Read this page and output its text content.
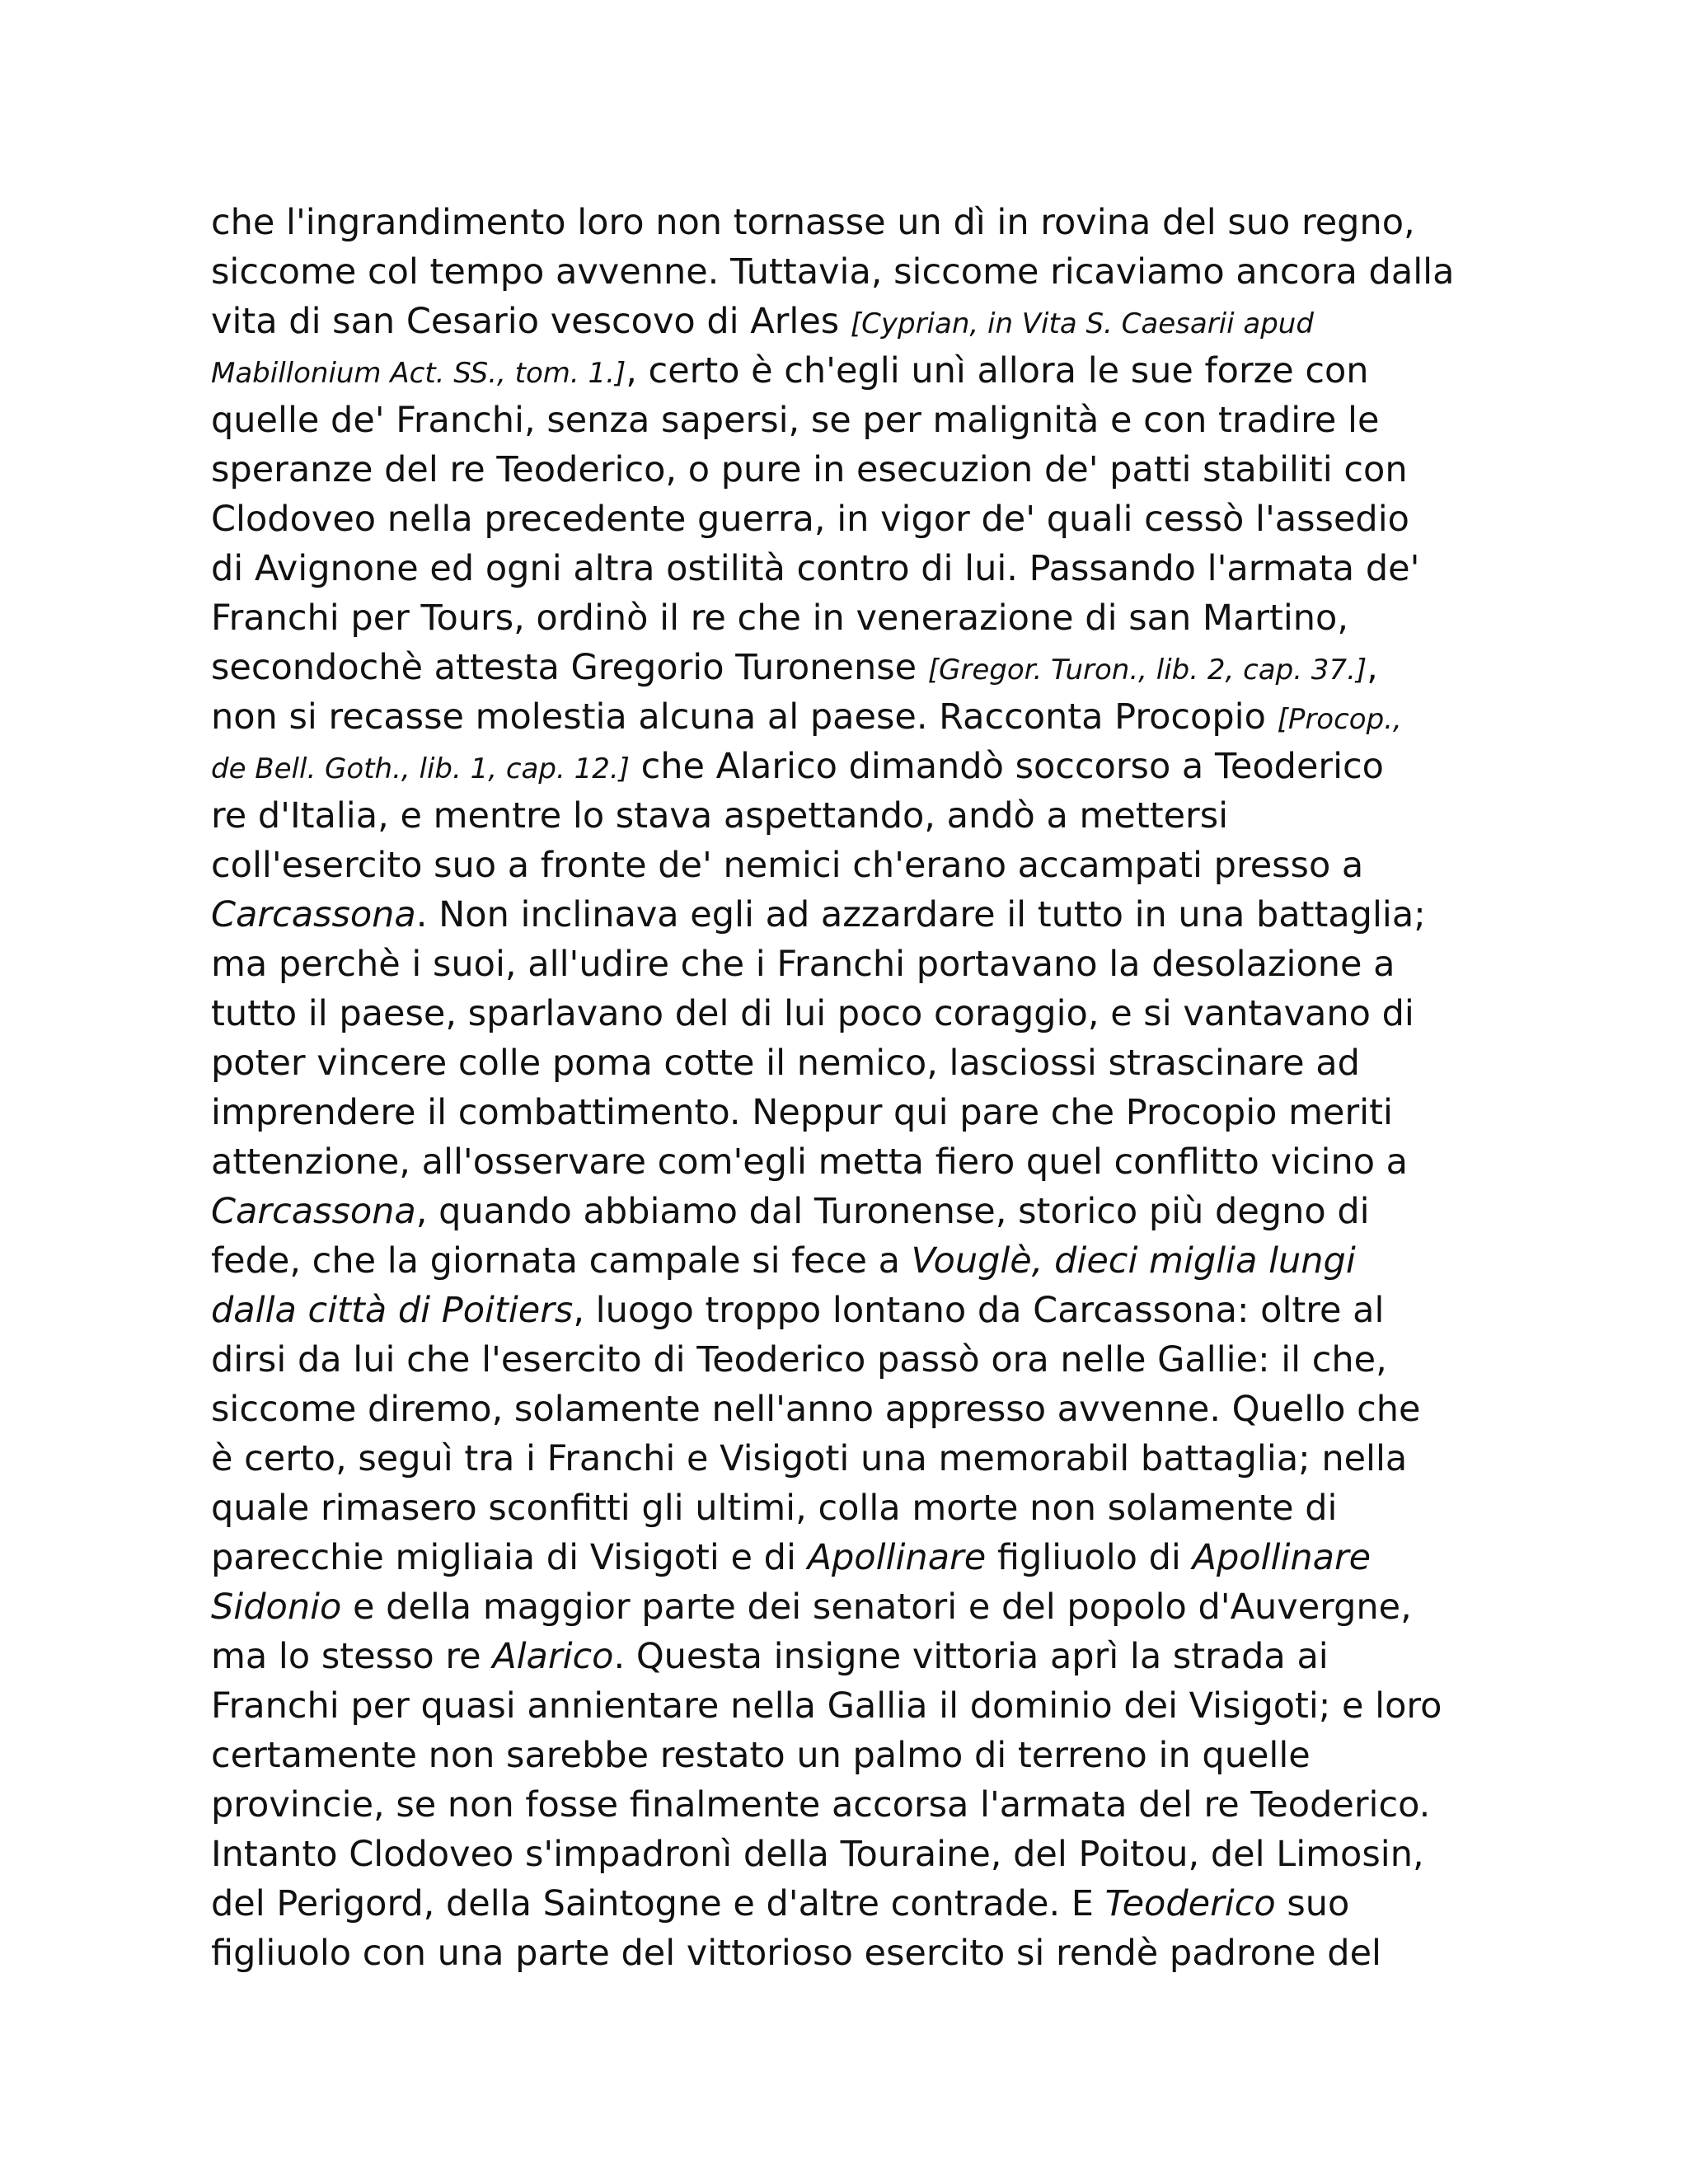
che l'ingrandimento loro non tornasse un dì in rovina del suo regno,
siccome col tempo avvenne. Tuttavia, siccome ricaviamo ancora dalla
vita di san Cesario vescovo di Arles [Cyprian, in Vita S. Caesarii apud
Mabillonium Act. SS., tom. 1.], certo è ch'egli unì allora le sue forze con
quelle de' Franchi, senza sapersi, se per malignità e con tradire le
speranze del re Teoderico, o pure in esecuzion de' patti stabiliti con
Clodoveo nella precedente guerra, in vigor de' quali cessò l'assedio
di Avignone ed ogni altra ostilità contro di lui. Passando l'armata de'
Franchi per Tours, ordinò il re che in venerazione di san Martino,
secondochè attesta Gregorio Turonense [Gregor. Turon., lib. 2, cap. 37.],
non si recasse molestia alcuna al paese. Racconta Procopio [Procop.,
de Bell. Goth., lib. 1, cap. 12.] che Alarico dimandò soccorso a Teoderico
re d'Italia, e mentre lo stava aspettando, andò a mettersi
coll'esercito suo a fronte de' nemici ch'erano accampati presso a
Carcassona. Non inclinava egli ad azzardare il tutto in una battaglia;
ma perchè i suoi, all'udire che i Franchi portavano la desolazione a
tutto il paese, sparlavano del di lui poco coraggio, e si vantavano di
poter vincere colle poma cotte il nemico, lasciossi strascinare ad
imprendere il combattimento. Neppur qui pare che Procopio meriti
attenzione, all'osservare com'egli metta fiero quel conflitto vicino a
Carcassona, quando abbiamo dal Turonense, storico più degno di
fede, che la giornata campale si fece a Vouglè, dieci miglia lungi
dalla città di Poitiers, luogo troppo lontano da Carcassona: oltre al
dirsi da lui che l'esercito di Teoderico passò ora nelle Gallie: il che,
siccome diremo, solamente nell'anno appresso avvenne. Quello che
è certo, seguì tra i Franchi e Visigoti una memorabil battaglia; nella
quale rimasero sconfitti gli ultimi, colla morte non solamente di
parecchie migliaia di Visigoti e di Apollinare figliuolo di Apollinare
Sidonio e della maggior parte dei senatori e del popolo d'Auvergne,
ma lo stesso re Alarico. Questa insigne vittoria aprì la strada ai
Franchi per quasi annientare nella Gallia il dominio dei Visigoti; e loro
certamente non sarebbe restato un palmo di terreno in quelle
provincie, se non fosse finalmente accorsa l'armata del re Teoderico.
Intanto Clodoveo s'impadronì della Touraine, del Poitou, del Limosin,
del Perigord, della Saintogne e d'altre contrade. E Teoderico suo
figliuolo con una parte del vittorioso esercito si rendè padrone del
